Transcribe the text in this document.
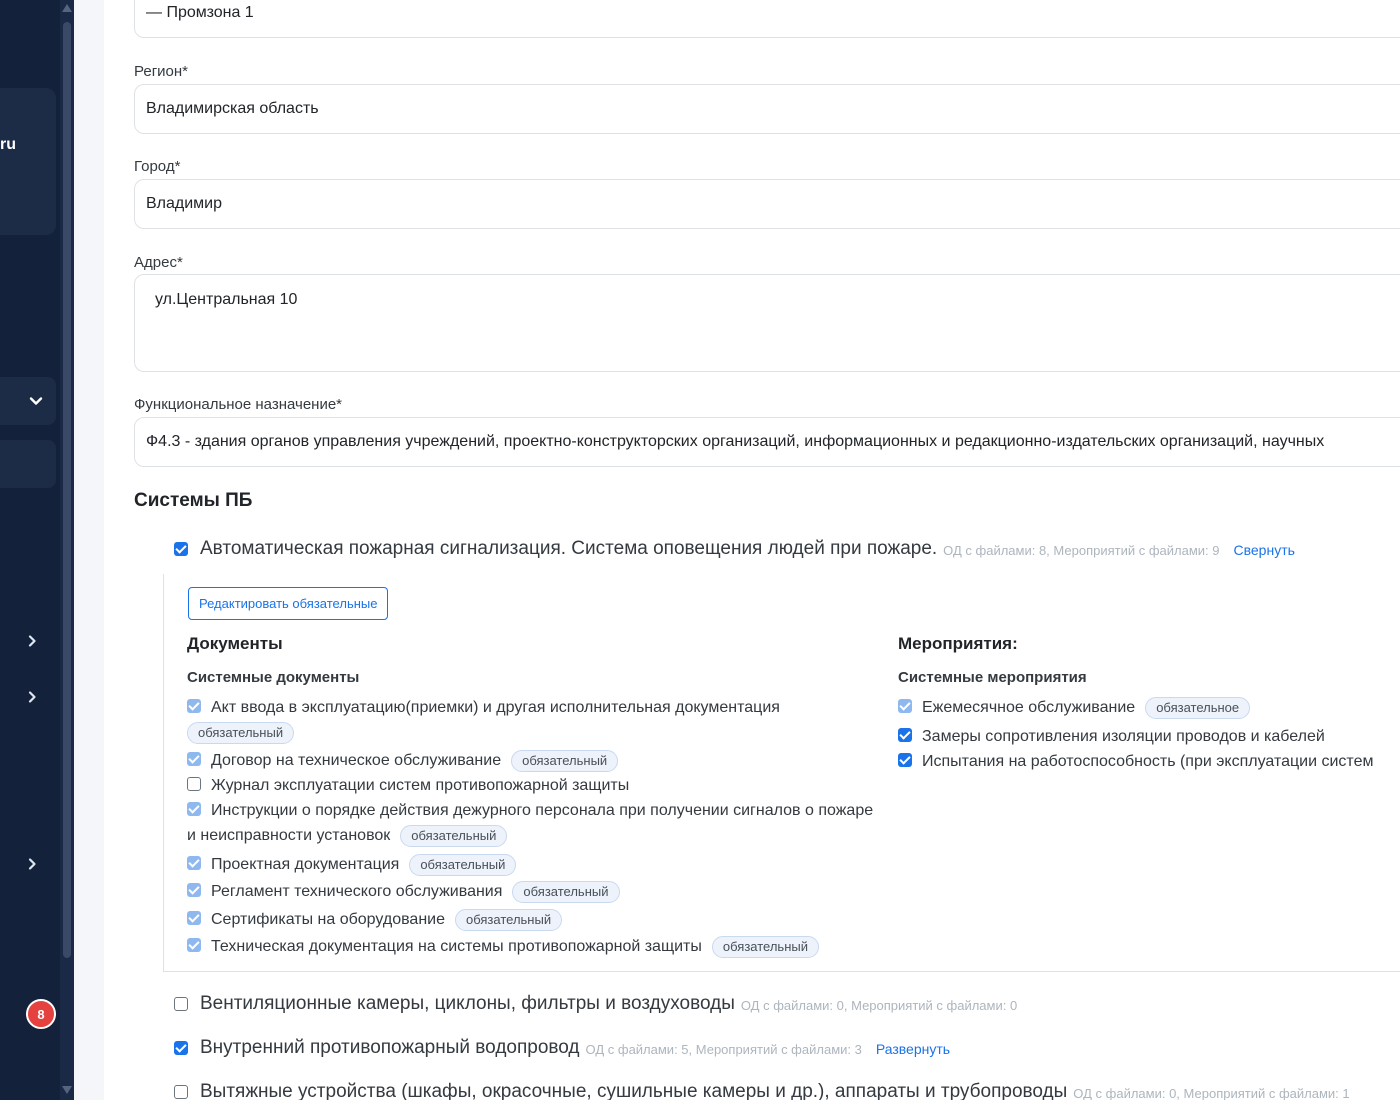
ru
8
— Промзона 1
Регион*
Владимирская область
Город*
Владимир
Адрес*
ул.Центральная 10
Функциональное назначение*
Ф4.3 - здания органов управления учреждений, проектно-конструкторских организаций, информационных и редакционно-издательских организаций, научных
Системы ПБ
Автоматическая пожарная сигнализация. Система оповещения людей при пожаре. ОД с файлами: 8, Мероприятий с файлами: 9 Свернуть
Редактировать обязательные
Документы
Системные документы
Акт ввода в эксплуатацию(приемки) и другая исполнительная документация
обязательный
Договор на техническое обслуживание обязательный
Журнал эксплуатации систем противопожарной защиты
Инструкции о порядке действия дежурного персонала при получении сигналов о пожаре и неисправности установок обязательный
Проектная документация обязательный
Регламент технического обслуживания обязательный
Сертификаты на оборудование обязательный
Техническая документация на системы противопожарной защиты обязательный
Мероприятия:
Системные мероприятия
Ежемесячное обслуживание обязательное
Замеры сопротивления изоляции проводов и кабелей
Испытания на работоспособность (при эксплуатации систем
Вентиляционные камеры, циклоны, фильтры и воздуховоды ОД с файлами: 0, Мероприятий с файлами: 0
Внутренний противопожарный водопровод ОД с файлами: 5, Мероприятий с файлами: 3 Развернуть
Вытяжные устройства (шкафы, окрасочные, сушильные камеры и др.), аппараты и трубопроводы ОД с файлами: 0, Мероприятий с файлами: 1
